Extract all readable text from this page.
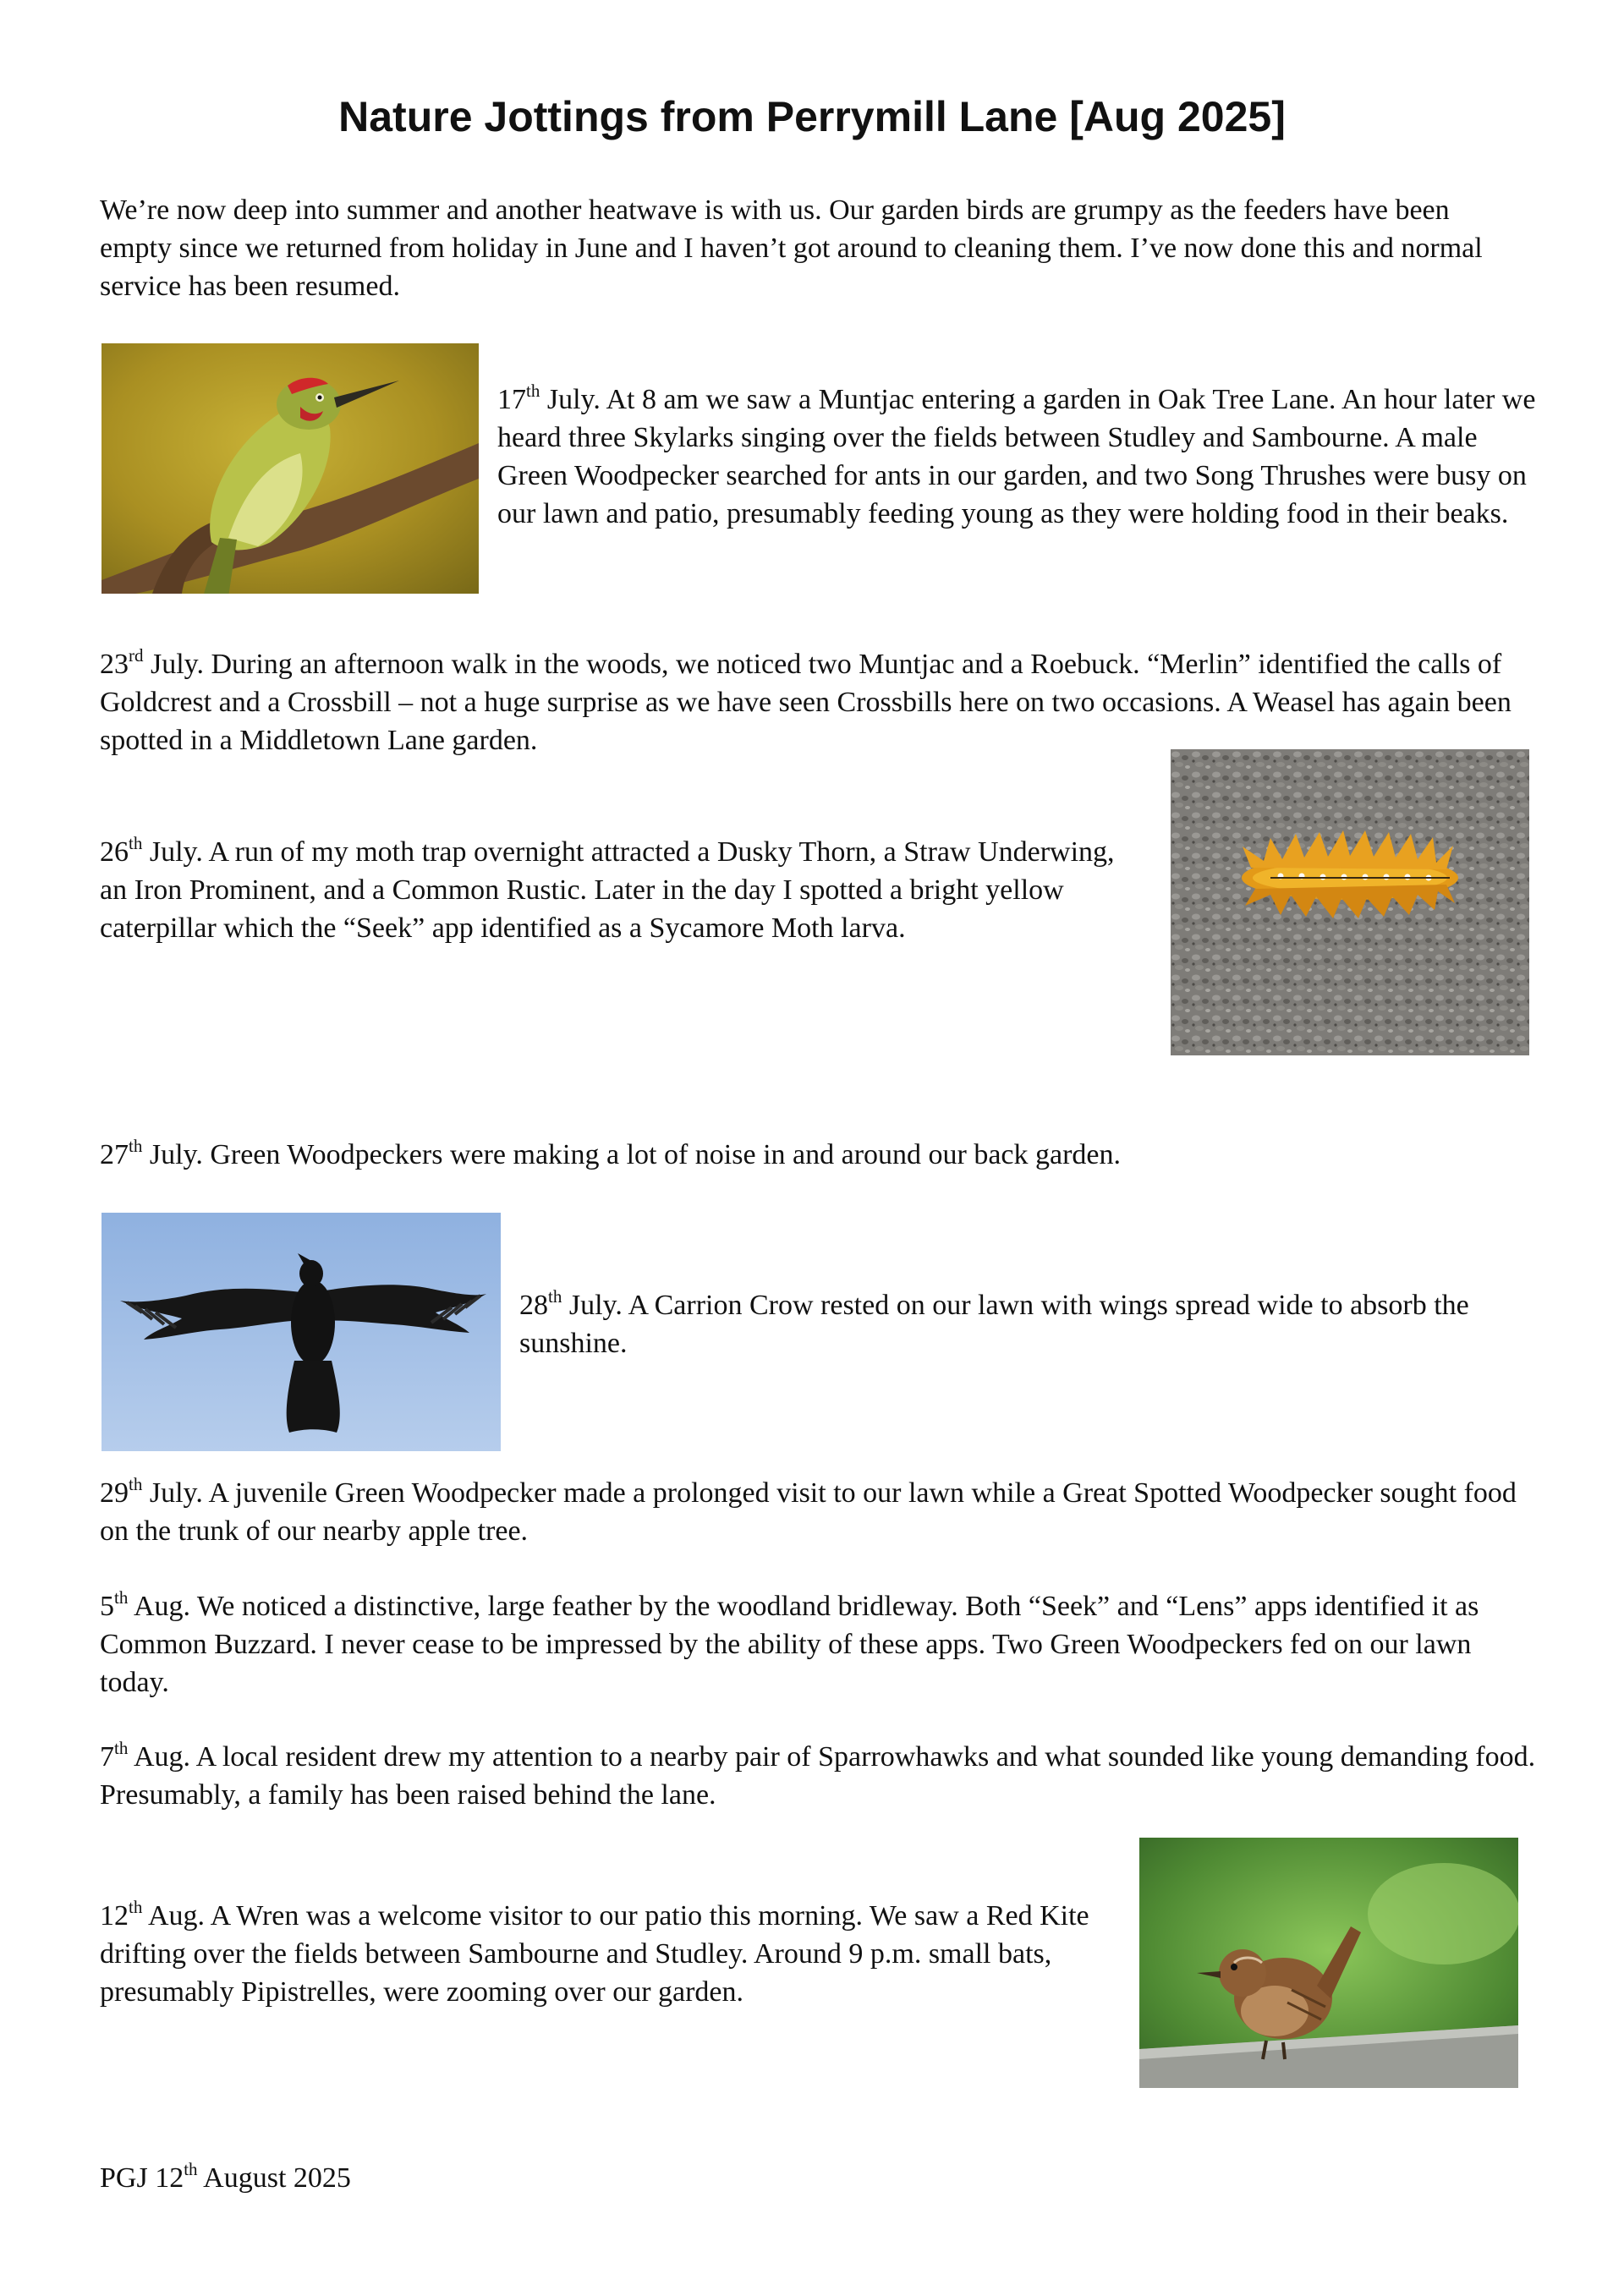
Nature Jottings from Perrymill Lane [Aug 2025]

We’re now deep into summer and another heatwave is with us. Our garden birds are grumpy as the feeders have been empty since we returned from holiday in June and I haven’t got around to cleaning them. I’ve now done this and normal service has been resumed.

17th July. At 8 am we saw a Muntjac entering a garden in Oak Tree Lane. An hour later we heard three Skylarks singing over the fields between Studley and Sambourne. A male Green Woodpecker searched for ants in our garden, and two Song Thrushes were busy on our lawn and patio, presumably feeding young as they were holding food in their beaks.

23rd July. During an afternoon walk in the woods, we noticed two Muntjac and a Roebuck. “Merlin” identified the calls of Goldcrest and a Crossbill – not a huge surprise as we have seen Crossbills here on two occasions. A Weasel has again been spotted in a Middletown Lane garden.

26th July. A run of my moth trap overnight attracted a Dusky Thorn, a Straw Underwing, an Iron Prominent, and a Common Rustic. Later in the day I spotted a bright yellow caterpillar which the “Seek” app identified as a Sycamore Moth larva.

27th July. Green Woodpeckers were making a lot of noise in and around our back garden.

28th July. A Carrion Crow rested on our lawn with wings spread wide to absorb the sunshine.

29th July. A juvenile Green Woodpecker made a prolonged visit to our lawn while a Great Spotted Woodpecker sought food on the trunk of our nearby apple tree.

5th Aug. We noticed a distinctive, large feather by the woodland bridleway. Both “Seek” and “Lens” apps identified it as Common Buzzard. I never cease to be impressed by the ability of these apps. Two Green Woodpeckers fed on our lawn today.

7th Aug. A local resident drew my attention to a nearby pair of Sparrowhawks and what sounded like young demanding food. Presumably, a family has been raised behind the lane.

12th Aug. A Wren was a welcome visitor to our patio this morning. We saw a Red Kite drifting over the fields between Sambourne and Studley. Around 9 p.m. small bats, presumably Pipistrelles, were zooming over our garden.

PGJ 12th August 2025
